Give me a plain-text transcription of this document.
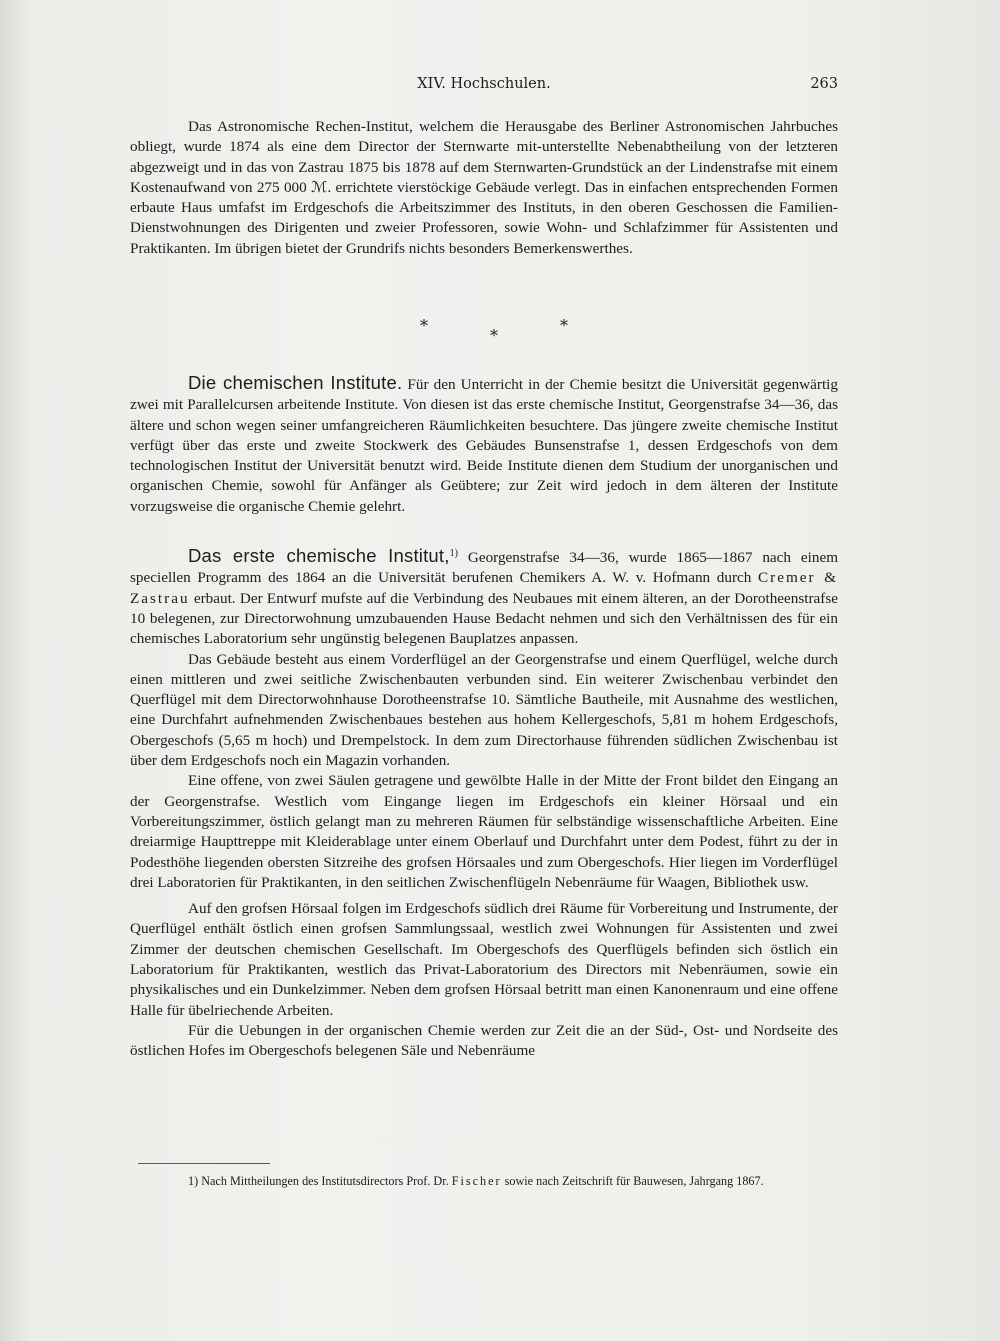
XIV. Hochschulen.	263

Das Astronomische Rechen-Institut, welchem die Herausgabe des Berliner Astronomischen Jahrbuches obliegt, wurde 1874 als eine dem Director der Sternwarte mit-unterstellte Nebenabtheilung von der letzteren abgezweigt und in das von Zastrau 1875 bis 1878 auf dem Sternwarten-Grundstück an der Lindenstrafse mit einem Kostenaufwand von 275 000 ℳ. errichtete vierstöckige Gebäude verlegt. Das in einfachen entsprechenden Formen erbaute Haus umfafst im Erdgeschofs die Arbeitszimmer des Instituts, in den oberen Geschossen die Familien-Dienstwohnungen des Dirigenten und zweier Professoren, sowie Wohn- und Schlafzimmer für Assistenten und Praktikanten. Im übrigen bietet der Grundrifs nichts besonders Bemerkenswerthes.

*
*
*

Die chemischen Institute. Für den Unterricht in der Chemie besitzt die Universität gegenwärtig zwei mit Parallelcursen arbeitende Institute. Von diesen ist das erste chemische Institut, Georgenstrafse 34—36, das ältere und schon wegen seiner umfangreicheren Räumlichkeiten besuchtere. Das jüngere zweite chemische Institut verfügt über das erste und zweite Stockwerk des Gebäudes Bunsenstrafse 1, dessen Erdgeschofs von dem technologischen Institut der Universität benutzt wird. Beide Institute dienen dem Studium der unorganischen und organischen Chemie, sowohl für Anfänger als Geübtere; zur Zeit wird jedoch in dem älteren der Institute vorzugsweise die organische Chemie gelehrt.

Das erste chemische Institut,$^{1)}$ Georgenstrafse 34—36, wurde 1865—1867 nach einem speciellen Programm des 1864 an die Universität berufenen Chemikers A. W. v. Hofmann durch Cremer & Zastrau erbaut. Der Entwurf mufste auf die Verbindung des Neubaues mit einem älteren, an der Dorotheenstrafse 10 belegenen, zur Directorwohnung umzubauenden Hause Bedacht nehmen und sich den Verhältnissen des für ein chemisches Laboratorium sehr ungünstig belegenen Bauplatzes anpassen.

Das Gebäude besteht aus einem Vorderflügel an der Georgenstrafse und einem Querflügel, welche durch einen mittleren und zwei seitliche Zwischenbauten verbunden sind. Ein weiterer Zwischenbau verbindet den Querflügel mit dem Directorwohnhause Dorotheenstrafse 10. Sämtliche Bautheile, mit Ausnahme des westlichen, eine Durchfahrt aufnehmenden Zwischenbaues bestehen aus hohem Kellergeschofs, 5,81 m hohem Erdgeschofs, Obergeschofs (5,65 m hoch) und Drempelstock. In dem zum Directorhause führenden südlichen Zwischenbau ist über dem Erdgeschofs noch ein Magazin vorhanden.

Eine offene, von zwei Säulen getragene und gewölbte Halle in der Mitte der Front bildet den Eingang an der Georgenstrafse. Westlich vom Eingange liegen im Erdgeschofs ein kleiner Hörsaal und ein Vorbereitungszimmer, östlich gelangt man zu mehreren Räumen für selbständige wissenschaftliche Arbeiten. Eine dreiarmige Haupttreppe mit Kleiderablage unter einem Oberlauf und Durchfahrt unter dem Podest, führt zu der in Podesthöhe liegenden obersten Sitzreihe des grofsen Hörsaales und zum Obergeschofs. Hier liegen im Vorderflügel drei Laboratorien für Praktikanten, in den seitlichen Zwischenflügeln Nebenräume für Waagen, Bibliothek usw.

Auf den grofsen Hörsaal folgen im Erdgeschofs südlich drei Räume für Vorbereitung und Instrumente, der Querflügel enthält östlich einen grofsen Sammlungssaal, westlich zwei Wohnungen für Assistenten und zwei Zimmer der deutschen chemischen Gesellschaft. Im Obergeschofs des Querflügels befinden sich östlich ein Laboratorium für Praktikanten, westlich das Privat-Laboratorium des Directors mit Nebenräumen, sowie ein physikalisches und ein Dunkelzimmer. Neben dem grofsen Hörsaal betritt man einen Kanonenraum und eine offene Halle für übelriechende Arbeiten.

Für die Uebungen in der organischen Chemie werden zur Zeit die an der Süd-, Ost- und Nordseite des östlichen Hofes im Obergeschofs belegenen Säle und Nebenräume

1) Nach Mittheilungen des Institutsdirectors Prof. Dr. Fischer sowie nach Zeitschrift für Bauwesen, Jahrgang 1867.
